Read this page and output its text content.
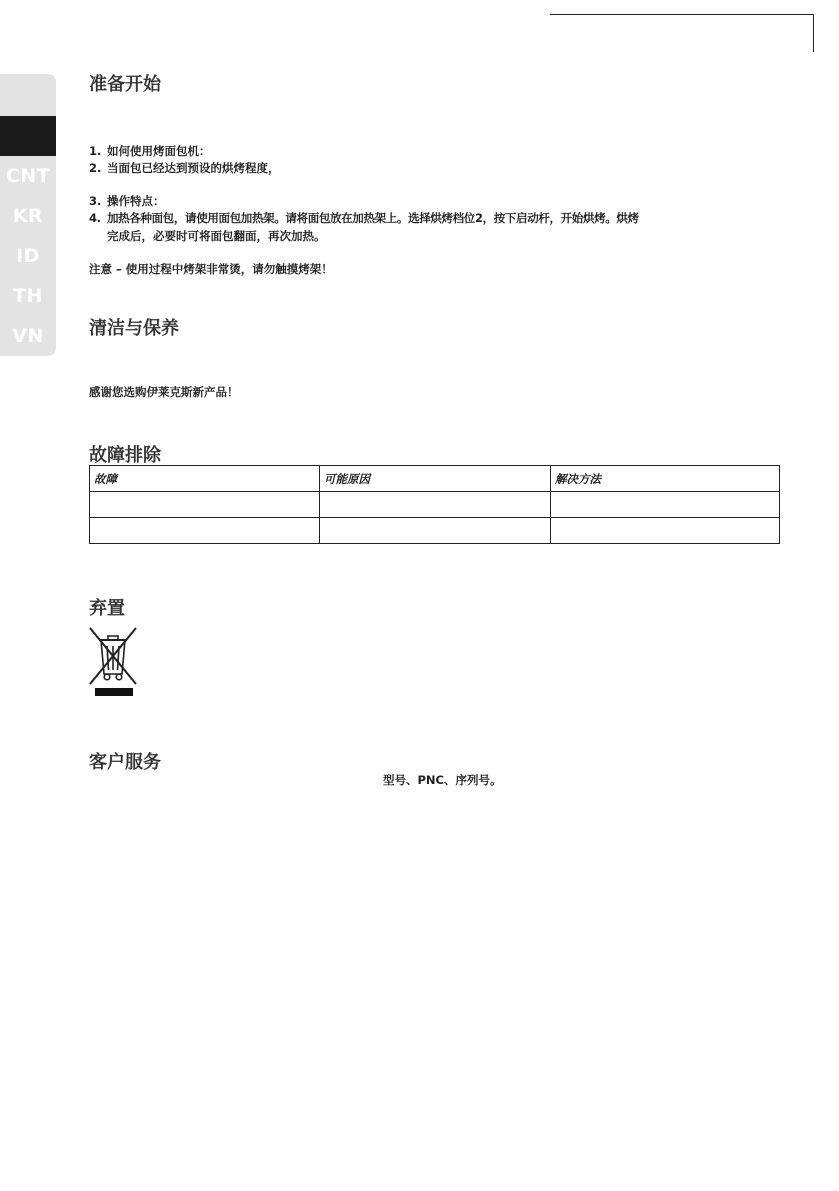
CNT
KR
ID
TH
VN
准备开始
1. 如何使用烤面包机：
2. 当面包已经达到预设的烘烤程度，
3. 操作特点：
4. 加热各种面包，请使用面包加热架。请将面包放在加热架上。选择烘烤档位2，按下启动杆，开始烘烤。烘烤
完成后，必要时可将面包翻面，再次加热。
注意 – 使用过程中烤架非常烫，请勿触摸烤架！
清洁与保养
感谢您选购伊莱克斯新产品！
故障排除
故障	可能原因	解决方法

弃置
客户服务
型号、PNC、序列号。
